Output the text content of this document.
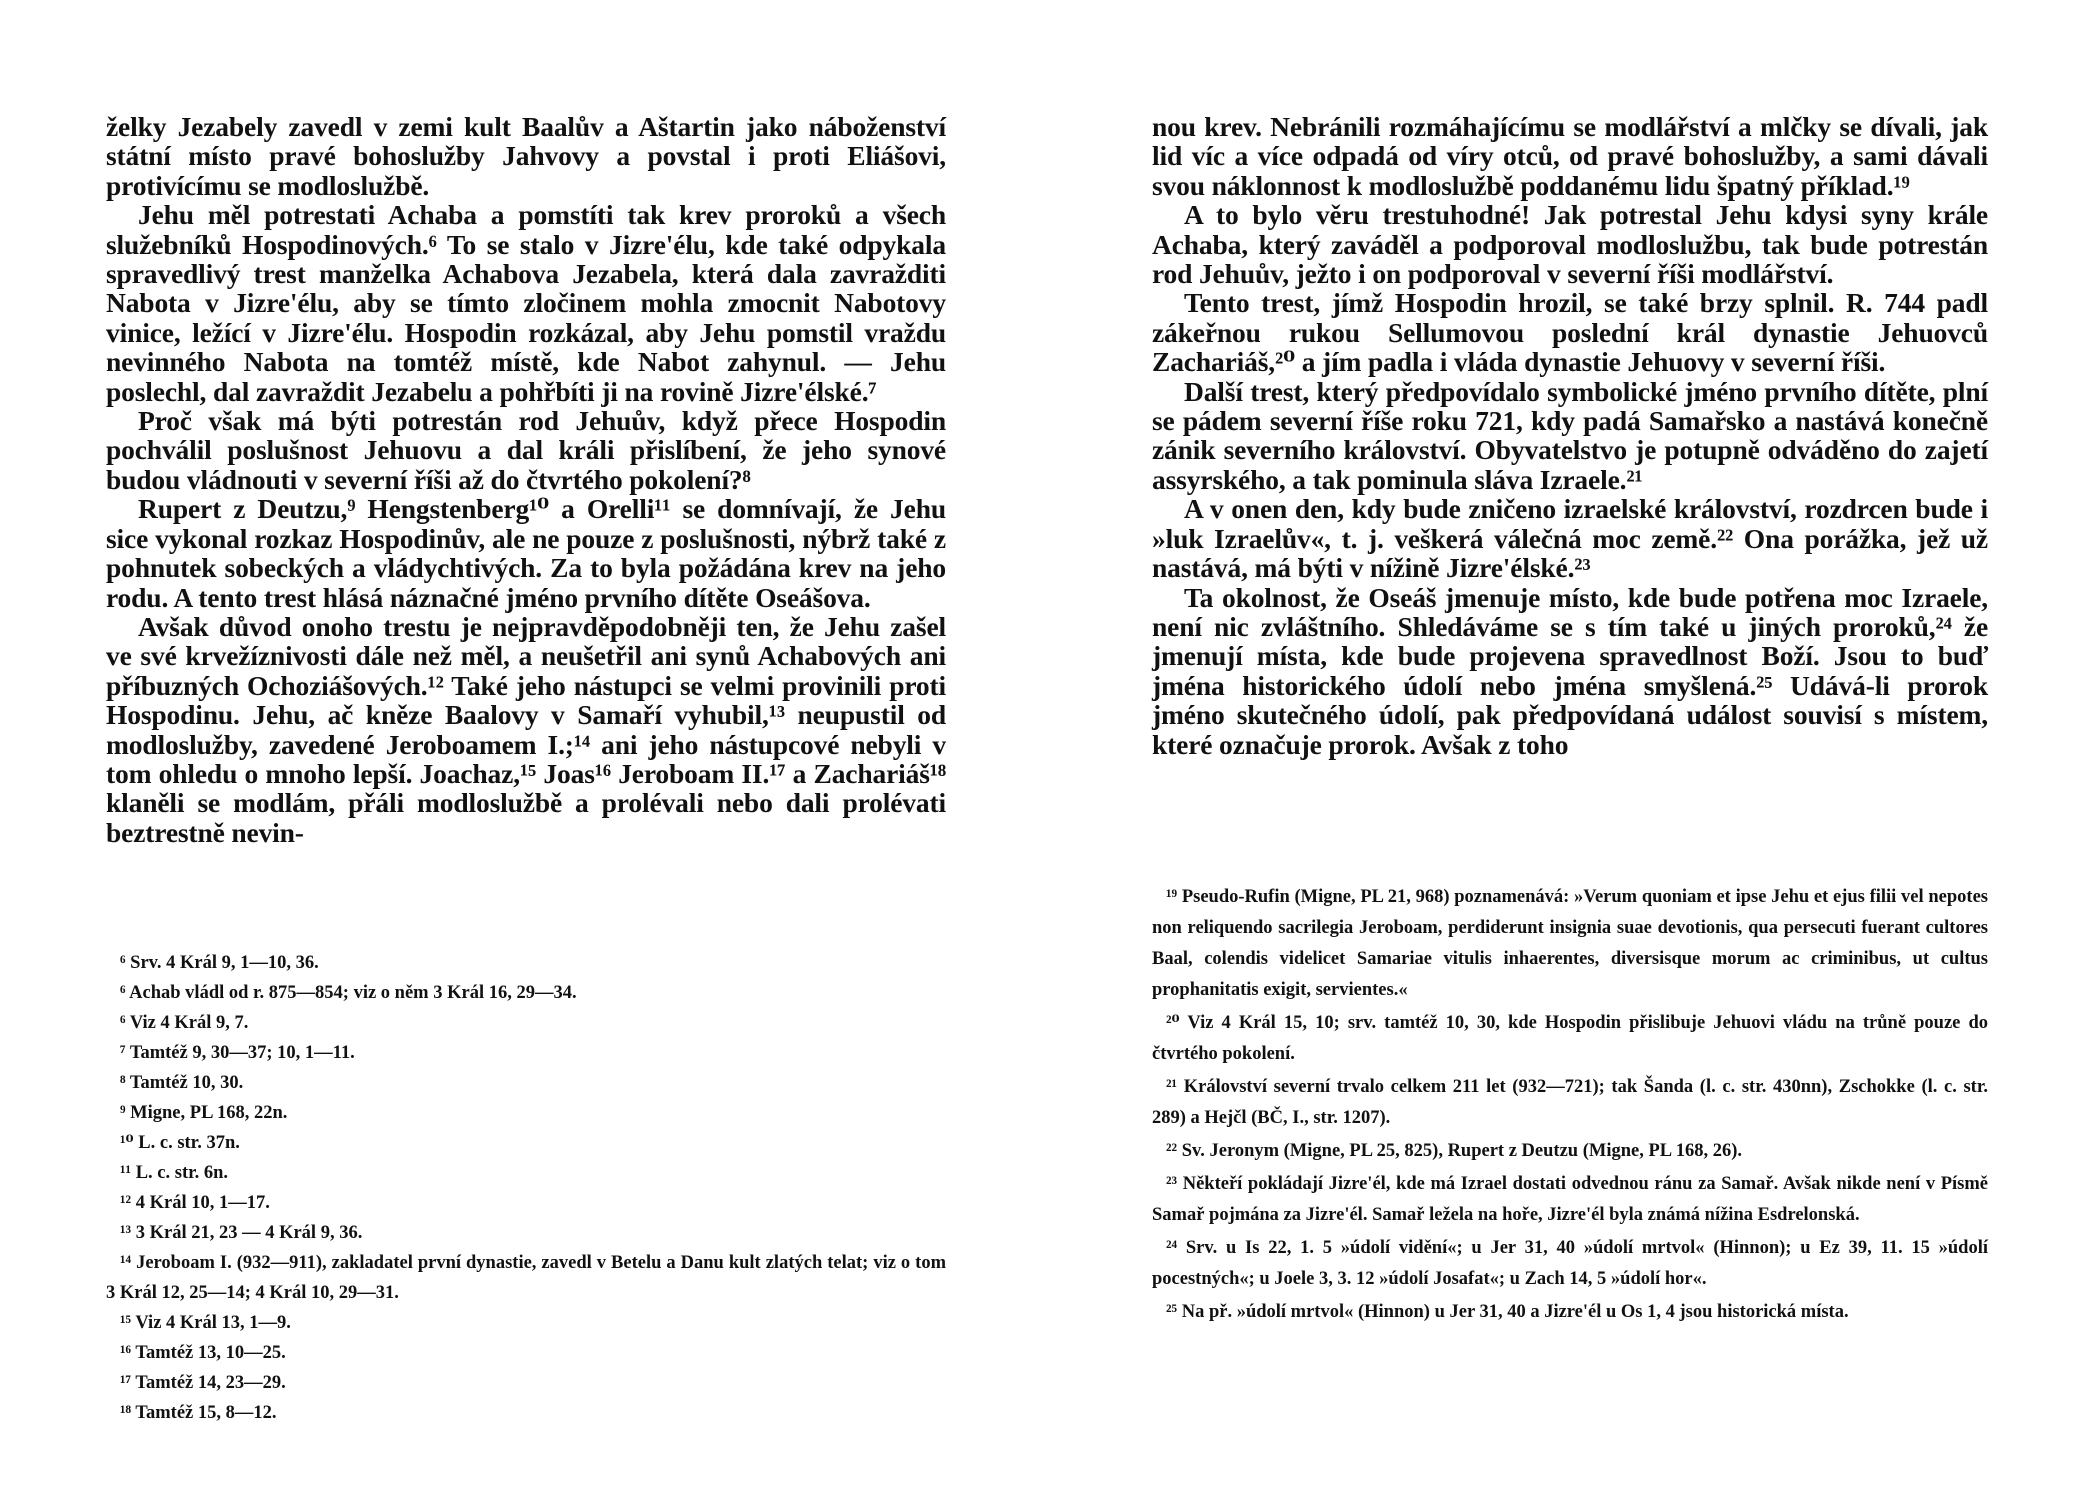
želky Jezabely zavedl v zemi kult Baalův a Aštartin jako náboženství státní místo pravé bohoslužby Jahvovy a povstal i proti Eliášovi, protivícímu se modloslužbě.

Jehu měl potrestati Achaba a pomstíti tak krev proroků a všech služebníků Hospodinových.⁶ To se stalo v Jizre'élu, kde také odpykala spravedlivý trest manželka Achabova Jezabela, která dala zavražditi Nabota v Jizre'élu, aby se tímto zločinem mohla zmocnit Nabotovy vinice, ležící v Jizre'élu. Hospodin rozkázal, aby Jehu pomstil vraždu nevinného Nabota na tomtéž místě, kde Nabot zahynul. — Jehu poslechl, dal zavraždit Jezabelu a pohřbíti ji na rovině Jizre'élské.⁷

Proč však má býti potrestán rod Jehuův, když přece Hospodin pochválil poslušnost Jehuovu a dal králi přislíbení, že jeho synové budou vládnouti v severní říši až do čtvrtého pokolení?⁸

Rupert z Deutzu,⁹ Hengstenberg¹⁰ a Orelli¹¹ se domnívají, že Jehu sice vykonal rozkaz Hospodinův, ale ne pouze z poslušnosti, nýbrž také z pohnutek sobeckých a vládychtivých. Za to byla požádána krev na jeho rodu. A tento trest hlásá náznačné jméno prvního dítěte Oseášova.

Avšak důvod onoho trestu je nejpravděpodobněji ten, že Jehu zašel ve své krvežíznivosti dále než měl, a neušetřil ani synů Achabových ani příbuzných Ochoziášových.¹² Také jeho nástupci se velmi provinili proti Hospodinu. Jehu, ač kněze Baalovy v Samaří vyhubil,¹³ neupustil od modloslužby, zavedené Jeroboamem I.;¹⁴ ani jeho nástupcové nebyli v tom ohledu o mnoho lepší. Joachaz,¹⁵ Joas¹⁶ Jeroboam II.¹⁷ a Zachariáš¹⁸ klaněli se modlám, přáli modloslužbě a prolévali nebo dali prolévati beztrestně nevin-

⁶ Srv. 4 Král 9, 1—10, 36.

⁶ Achab vládl od r. 875—854; viz o něm 3 Král 16, 29—34.

⁶ Viz 4 Král 9, 7.

⁷ Tamtéž 9, 30—37; 10, 1—11.

⁸ Tamtéž 10, 30.

⁹ Migne, PL 168, 22n.

¹⁰ L. c. str. 37n.

¹¹ L. c. str. 6n.

¹² 4 Král 10, 1—17.

¹³ 3 Král 21, 23 — 4 Král 9, 36.

¹⁴ Jeroboam I. (932—911), zakladatel první dynastie, zavedl v Betelu a Danu kult zlatých telat; viz o tom 3 Král 12, 25—14; 4 Král 10, 29—31.

¹⁵ Viz 4 Král 13, 1—9.

¹⁶ Tamtéž 13, 10—25.

¹⁷ Tamtéž 14, 23—29.

¹⁸ Tamtéž 15, 8—12.

nou krev. Nebránili rozmáhajícímu se modlářství a mlčky se dívali, jak lid víc a více odpadá od víry otců, od pravé bohoslužby, a sami dávali svou náklonnost k modloslužbě poddanému lidu špatný příklad.¹⁹

A to bylo věru trestuhodné! Jak potrestal Jehu kdysi syny krále Achaba, který zaváděl a podporoval modloslužbu, tak bude potrestán rod Jehuův, ježto i on podporoval v severní říši modlářství.

Tento trest, jímž Hospodin hrozil, se také brzy splnil. R. 744 padl zákeřnou rukou Sellumovou poslední král dynastie Jehuovců Zachariáš,²⁰ a jím padla i vláda dynastie Jehuovy v severní říši.

Další trest, který předpovídalo symbolické jméno prvního dítěte, plní se pádem severní říše roku 721, kdy padá Samařsko a nastává konečně zánik severního království. Obyvatelstvo je potupně odváděno do zajetí assyrského, a tak pominula sláva Izraele.²¹

A v onen den, kdy bude zničeno izraelské království, rozdrcen bude i »luk Izraelův«, t. j. veškerá válečná moc země.²² Ona porážka, jež už nastává, má býti v nížině Jizre'élské.²³

Ta okolnost, že Oseáš jmenuje místo, kde bude potřena moc Izraele, není nic zvláštního. Shledáváme se s tím také u jiných proroků,²⁴ že jmenují místa, kde bude projevena spravedlnost Boží. Jsou to buď jména historického údolí nebo jména smyšlená.²⁵ Udává-li prorok jméno skutečného údolí, pak předpovídaná událost souvisí s místem, které označuje prorok. Avšak z toho

¹⁹ Pseudo-Rufin (Migne, PL 21, 968) poznamenává: »Verum quoniam et ipse Jehu et ejus filii vel nepotes non reliquendo sacrilegia Jeroboam, perdiderunt insignia suae devotionis, qua persecuti fuerant cultores Baal, colendis videlicet Samariae vitulis inhaerentes, diversisque morum ac criminibus, ut cultus prophanitatis exigit, servientes.«

²⁰ Viz 4 Král 15, 10; srv. tamtéž 10, 30, kde Hospodin přislibuje Jehuovi vládu na trůně pouze do čtvrtého pokolení.

²¹ Království severní trvalo celkem 211 let (932—721); tak Šanda (l. c. str. 430nn), Zschokke (l. c. str. 289) a Hejčl (BČ, I., str. 1207).

²² Sv. Jeronym (Migne, PL 25, 825), Rupert z Deutzu (Migne, PL 168, 26).

²³ Někteří pokládají Jizre'él, kde má Izrael dostati odvednou ránu za Samař. Avšak nikde není v Písmě Samař pojmána za Jizre'él. Samař ležela na hoře, Jizre'él byla známá nížina Esdrelonská.

²⁴ Srv. u Is 22, 1. 5 »údolí vidění«; u Jer 31, 40 »údolí mrtvol« (Hinnon); u Ez 39, 11. 15 »údolí pocestných«; u Joele 3, 3. 12 »údolí Josafat«; u Zach 14, 5 »údolí hor«.

²⁵ Na př. »údolí mrtvol« (Hinnon) u Jer 31, 40 a Jizre'él u Os 1, 4 jsou historická místa.
